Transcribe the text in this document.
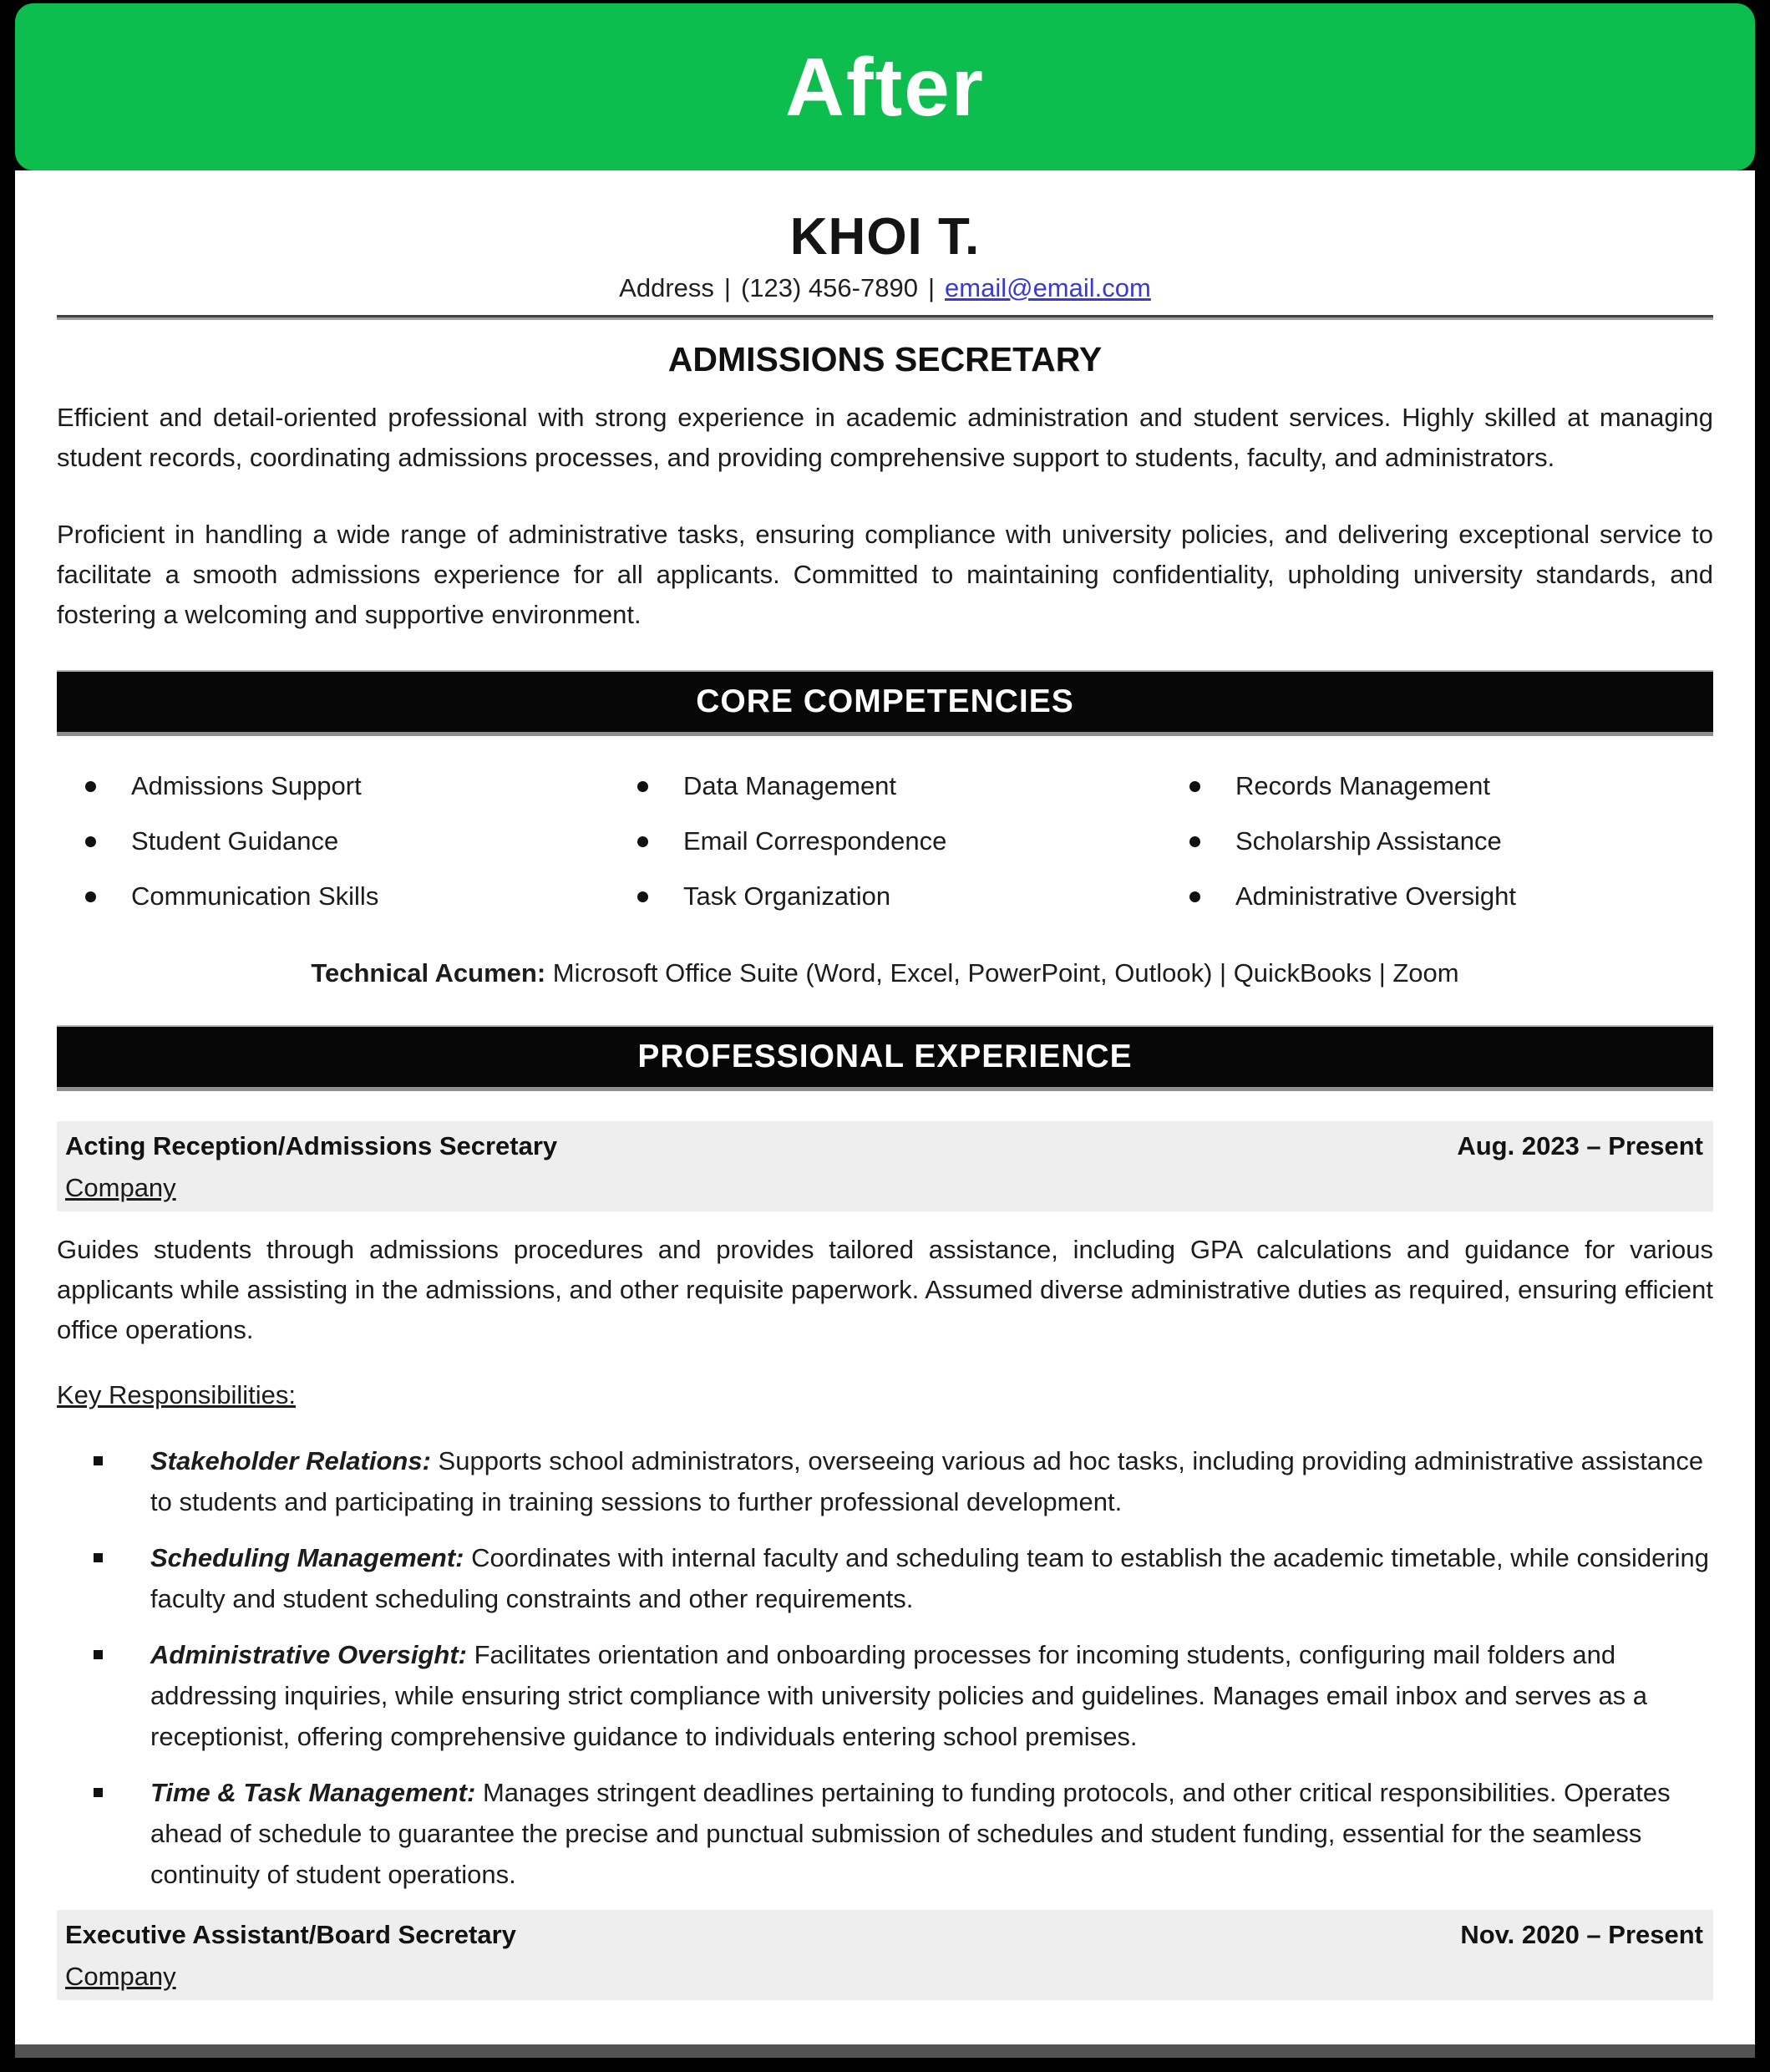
After
KHOI T.
Address | (123) 456-7890 | email@email.com
ADMISSIONS SECRETARY

Efficient and detail-oriented professional with strong experience in academic administration and student services. Highly skilled at managing student records, coordinating admissions processes, and providing comprehensive support to students, faculty, and administrators.

Proficient in handling a wide range of administrative tasks, ensuring compliance with university policies, and delivering exceptional service to facilitate a smooth admissions experience for all applicants. Committed to maintaining confidentiality, upholding university standards, and fostering a welcoming and supportive environment.

CORE COMPETENCIES
Admissions Support	Data Management	Records Management
Student Guidance	Email Correspondence	Scholarship Assistance
Communication Skills	Task Organization	Administrative Oversight
Technical Acumen: Microsoft Office Suite (Word, Excel, PowerPoint, Outlook) | QuickBooks | Zoom
PROFESSIONAL EXPERIENCE
Acting Reception/Admissions Secretary	Aug. 2023 – Present
Company

Guides students through admissions procedures and provides tailored assistance, including GPA calculations and guidance for various applicants while assisting in the admissions, and other requisite paperwork. Assumed diverse administrative duties as required, ensuring efficient office operations.

Key Responsibilities:
Stakeholder Relations: Supports school administrators, overseeing various ad hoc tasks, including providing administrative assistance to students and participating in training sessions to further professional development.
Scheduling Management: Coordinates with internal faculty and scheduling team to establish the academic timetable, while considering faculty and student scheduling constraints and other requirements.
Administrative Oversight: Facilitates orientation and onboarding processes for incoming students, configuring mail folders and addressing inquiries, while ensuring strict compliance with university policies and guidelines. Manages email inbox and serves as a receptionist, offering comprehensive guidance to individuals entering school premises.
Time & Task Management: Manages stringent deadlines pertaining to funding protocols, and other critical responsibilities. Operates ahead of schedule to guarantee the precise and punctual submission of schedules and student funding, essential for the seamless continuity of student operations.
Executive Assistant/Board Secretary	Nov. 2020 – Present
Company
